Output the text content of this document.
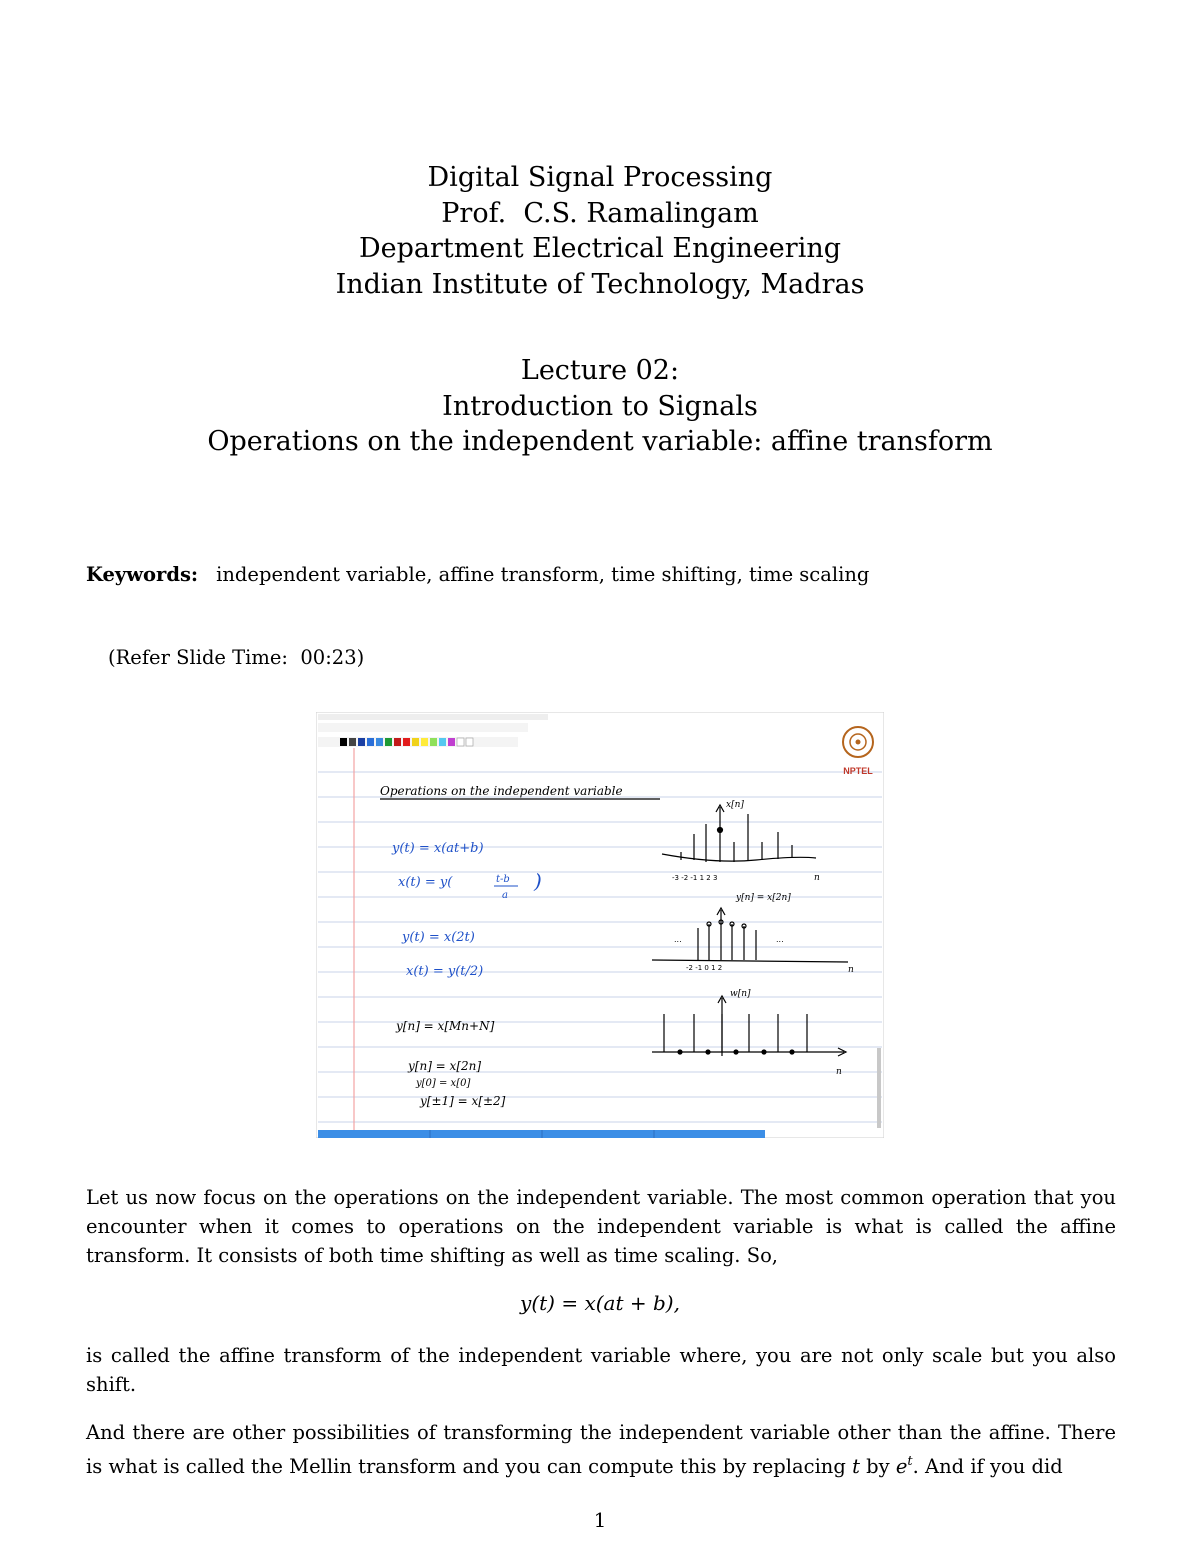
Digital Signal Processing

Prof.  C.S. Ramalingam

Department Electrical Engineering

Indian Institute of Technology, Madras

Lecture 02:

Introduction to Signals

Operations on the independent variable: affine transform

Keywords: independent variable, affine transform, time shifting, time scaling
(Refer Slide Time:  00:23)
NPTEL
Operations on the independent variable
y(t) = x(at+b)
x(t) = y(	t-b
a
)
y(t) = x(2t)
x(t) = y(t/2)
y[n] = x[Mn+N]
y[n] = x[2n]
y[0] = x[0]
y[±1] = x[±2]
x[n]
-3 -2 -1 1 2 3	n
...	...
y[n] = x[2n]
-2 -1 0 1 2	n
w[n]
n

Let us now focus on the operations on the independent variable. The most common operation that you encounter when it comes to operations on the independent variable is what is called the affine transform. It consists of both time shifting as well as time scaling. So,

y(t) = x(at + b),

is called the affine transform of the independent variable where, you are not only scale but you also shift.

And there are other possibilities of transforming the independent variable other than the affine. There is what is called the Mellin transform and you can compute this by replacing t by $e^t$. And if you did

1
